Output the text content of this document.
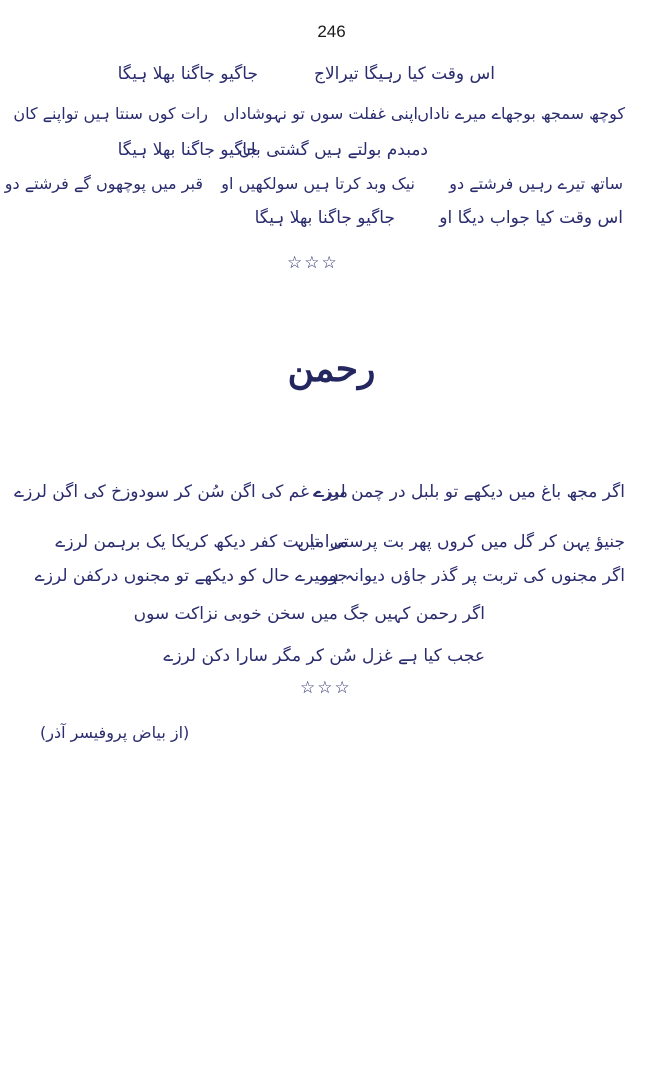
246
اس وقت کیا رہیگا تیرالاج
جاگیو جاگنا بھلا ہیگا
کوچھ سمجھ بوجھاے میرے ناداں
اپنی غفلت سوں تو نہوشاداں
رات کوں سنتا ہیں تواپنے کان
دمبدم بولتے ہیں گشتی بان
جاگیو جاگنا بھلا ہیگا
ساتھ تیرے رہیں فرشتے دو
نیک وبد کرتا ہیں سولکھیں او
قبر میں پوچھوں گے فرشتے دو
اس وقت کیا جواب دیگا او
جاگیو جاگنا بھلا ہیگا
☆☆☆
رحمن
اگر مجھ باغ میں دیکھے تو بلبل در چمن لرزے
میرے غم کی اگن سُن کر سودوزخ کی اگن لرزے
جنیؤ پہن کر گل میں کروں پھر بت پرستی میں
مرا تا بت کفر دیکھ کریکا یک برہمن لرزے
اگر مجنوں کی تربت پر گذر جاؤں دیوانہ ہو
جومیرے حال کو دیکھے تو مجنوں درکفن لرزے
اگر رحمن کہیں جگ میں سخن خوبی نزاکت سوں
عجب کیا ہے غزل سُن کر مگر سارا دکن لرزے
☆☆☆
(از بیاض پروفیسر آذر)
